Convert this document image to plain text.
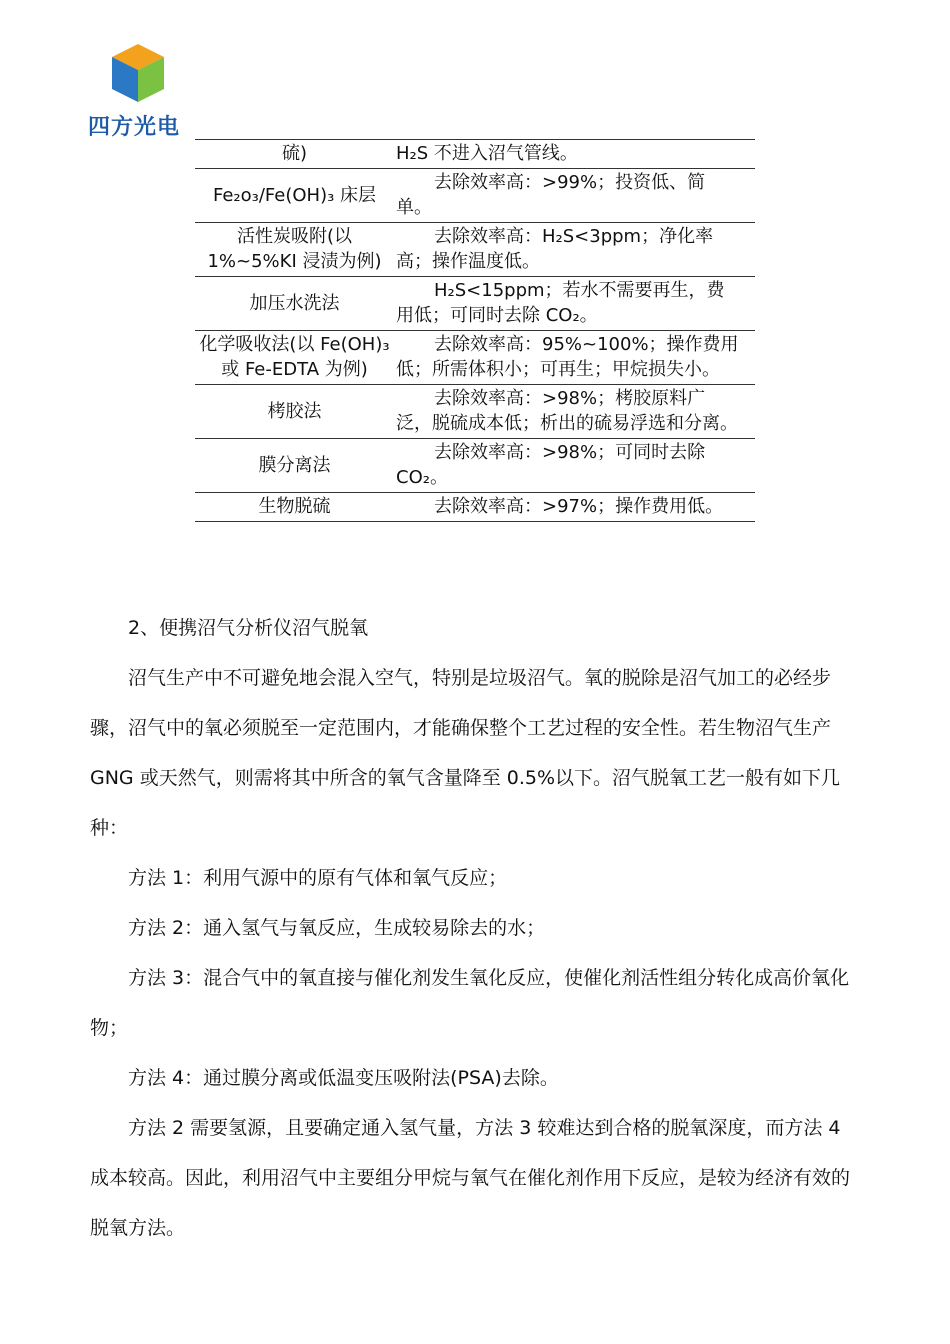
四方光电
硫)	H₂S 不进入沼气管线。
Fe₂o₃/Fe(OH)₃ 床层	去除效率高：>99%；投资低、简单。
活性炭吸附(以 1%~5%KI 浸渍为例)	去除效率高：H₂S<3ppm；净化率高；操作温度低。
加压水洗法	H₂S<15ppm；若水不需要再生，费用低；可同时去除 CO₂。
化学吸收法(以 Fe(OH)₃或 Fe-EDTA 为例)	去除效率高：95%~100%；操作费用低；所需体积小；可再生；甲烷损失小。
栲胶法	去除效率高：>98%；栲胶原料广泛，脱硫成本低；析出的硫易浮选和分离。
膜分离法	去除效率高：>98%；可同时去除 CO₂。
生物脱硫	去除效率高：>97%；操作费用低。

2、便携沼气分析仪沼气脱氧

沼气生产中不可避免地会混入空气，特别是垃圾沼气。氧的脱除是沼气加工的必经步骤，沼气中的氧必须脱至一定范围内，才能确保整个工艺过程的安全性。若生物沼气生产 GNG 或天然气，则需将其中所含的氧气含量降至 0.5%以下。沼气脱氧工艺一般有如下几种：

方法 1：利用气源中的原有气体和氧气反应；

方法 2：通入氢气与氧反应，生成较易除去的水；

方法 3：混合气中的氧直接与催化剂发生氧化反应，使催化剂活性组分转化成高价氧化物；

方法 4：通过膜分离或低温变压吸附法(PSA)去除。

方法 2 需要氢源，且要确定通入氢气量，方法 3 较难达到合格的脱氧深度，而方法 4 成本较高。因此，利用沼气中主要组分甲烷与氧气在催化剂作用下反应，是较为经济有效的脱氧方法。
